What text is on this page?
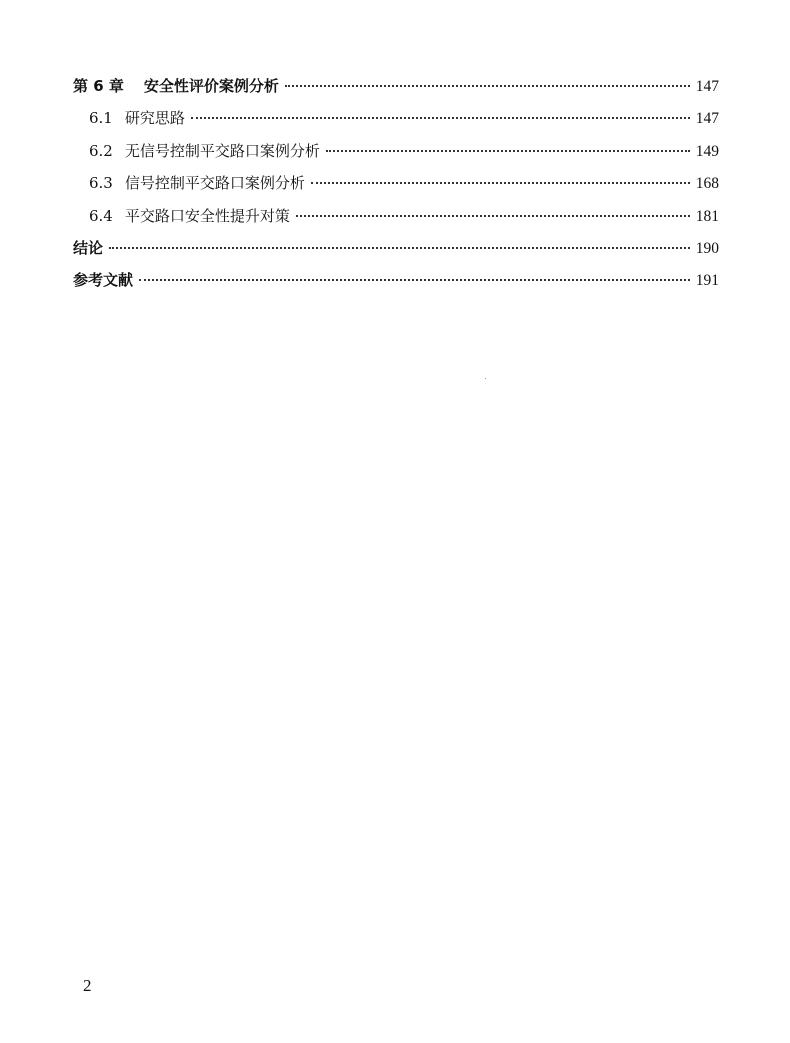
第 6 章 安全性评价案例分析	147
6.1 研究思路	147
6.2 无信号控制平交路口案例分析	149
6.3 信号控制平交路口案例分析	168
6.4 平交路口安全性提升对策	181
结论	190
参考文献	191
2
